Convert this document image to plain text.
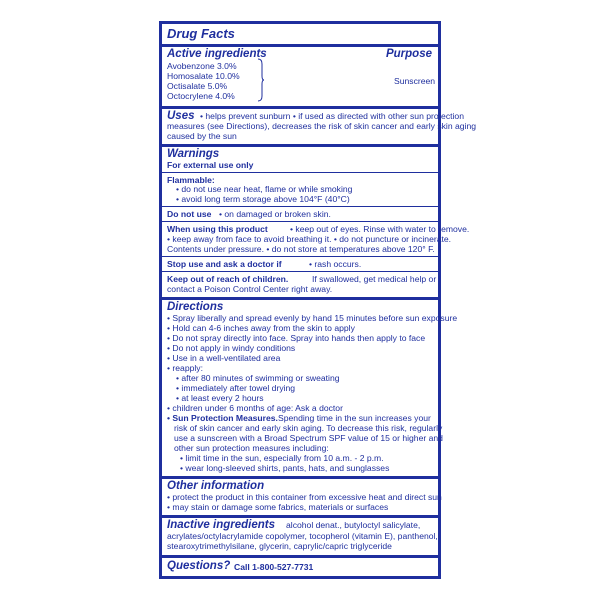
Drug Facts
Active ingredients	Purpose
Avobenzone 3.0%
Homosalate 10.0%
Octisalate 5.0%
Octocrylene 4.0%
Sunscreen
Uses • helps prevent sunburn • if used as directed with other sun protection
measures (see Directions), decreases the risk of skin cancer and early skin aging
caused by the sun
Warnings
For external use only
Flammable:
• do not use near heat, flame or while smoking
• avoid long term storage above 104°F (40°C)
Do not use • on damaged or broken skin.
When using this product	• keep out of eyes. Rinse with water to remove.
• keep away from face to avoid breathing it. • do not puncture or incinerate.
Contents under pressure. • do not store at temperatures above 120° F.
Stop use and ask a doctor if	• rash occurs.
Keep out of reach of children.	If swallowed, get medical help or
contact a Poison Control Center right away.
Directions
• Spray liberally and spread evenly by hand 15 minutes before sun exposure
• Hold can 4-6 inches away from the skin to apply
• Do not spray directly into face. Spray into hands then apply to face
• Do not apply in windy conditions
• Use in a well-ventilated area
• reapply:
• after 80 minutes of swimming or sweating
• immediately after towel drying
• at least every 2 hours
• children under 6 months of age: Ask a doctor
• Sun Protection Measures. Spending time in the sun increases your
risk of skin cancer and early skin aging. To decrease this risk, regularly
use a sunscreen with a Broad Spectrum SPF value of 15 or higher and
other sun protection measures including:
• limit time in the sun, especially from 10 a.m. - 2 p.m.
• wear long-sleeved shirts, pants, hats, and sunglasses
Other information
• protect the product in this container from excessive heat and direct sun
• may stain or damage some fabrics, materials or surfaces
Inactive ingredients alcohol denat., butyloctyl salicylate,
acrylates/octylacrylamide copolymer, tocopherol (vitamin E), panthenol,
stearoxytrimethylsilane, glycerin, caprylic/capric triglyceride
Questions? Call 1-800-527-7731
